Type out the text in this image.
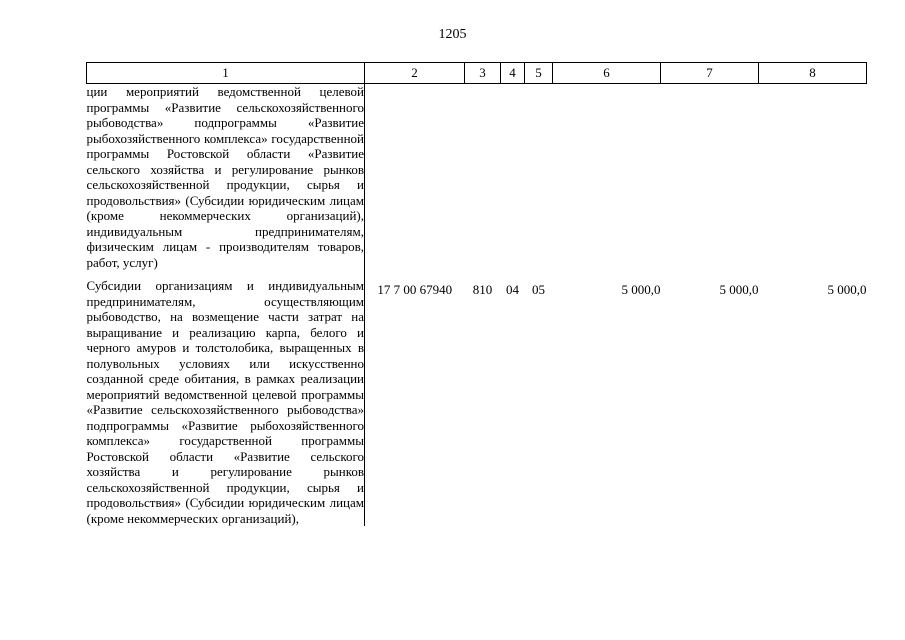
1205
1	2	3	4	5	6	7	8

ции мероприятий ведомственной целевой программы «Развитие сельскохозяйственного рыбоводства» подпрограммы «Развитие рыбохозяйственного комплекса» государственной программы Ростовской области «Развитие сельского хозяйства и регулирование рынков сельскохозяйственной продукции, сырья и продовольствия» (Субсидии юридическим лицам (кроме некоммерческих организаций), индивидуальным предпринимателям, физическим лицам - производителям товаров, работ, услуг)							

Субсидии организациям и индивидуальным предпринимателям, осуществляющим рыбоводство, на возмещение части затрат на выращивание и реализацию карпа, белого и черного амуров и толстолобика, выращенных в полувольных условиях или искусственно созданной среде обитания, в рамках реализации мероприятий ведомственной целевой программы «Развитие сельскохозяйственного рыбоводства» подпрограммы «Развитие рыбохозяйственного комплекса» государственной программы Ростовской области «Развитие сельского хозяйства и регулирование рынков сельскохозяйственной продукции, сырья и продовольствия» (Субсидии юридическим лицам (кроме некоммерческих организаций),	17 7 00 67940	810	04	05	5 000,0	5 000,0	5 000,0
